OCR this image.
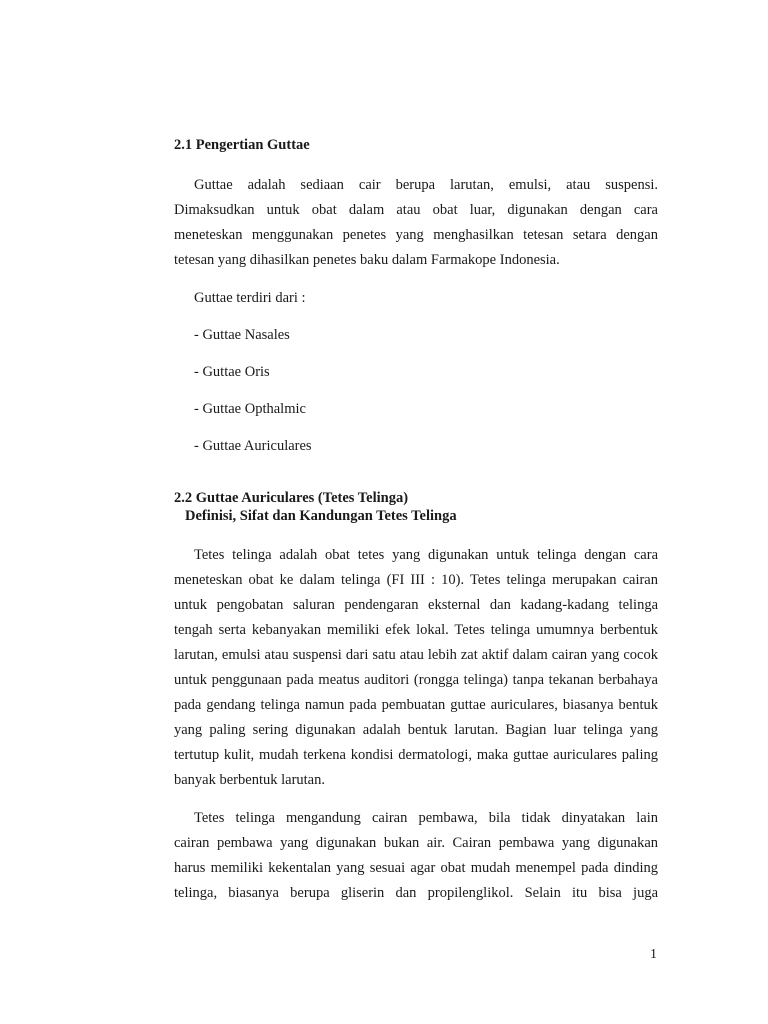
2.1 Pengertian Guttae
Guttae adalah sediaan cair berupa larutan, emulsi, atau suspensi.
Dimaksudkan untuk obat dalam atau obat luar, digunakan dengan cara
meneteskan menggunakan penetes yang menghasilkan tetesan setara dengan
tetesan yang dihasilkan penetes baku dalam Farmakope Indonesia.
Guttae terdiri dari :
- Guttae Nasales
- Guttae Oris
- Guttae Opthalmic
- Guttae Auriculares
2.2 Guttae Auriculares (Tetes Telinga)
Definisi, Sifat dan Kandungan Tetes Telinga
Tetes telinga adalah obat tetes yang digunakan untuk telinga dengan cara
meneteskan obat ke dalam telinga (FI III : 10). Tetes telinga merupakan cairan
untuk pengobatan saluran pendengaran eksternal dan kadang-kadang telinga
tengah serta kebanyakan memiliki efek lokal. Tetes telinga umumnya berbentuk
larutan, emulsi atau suspensi dari satu atau lebih zat aktif dalam cairan yang cocok
untuk penggunaan pada meatus auditori (rongga telinga) tanpa tekanan berbahaya
pada gendang telinga namun pada pembuatan guttae auriculares, biasanya bentuk
yang paling sering digunakan adalah bentuk larutan. Bagian luar telinga yang
tertutup kulit, mudah terkena kondisi dermatologi, maka guttae auriculares paling
banyak berbentuk larutan.
Tetes telinga mengandung cairan pembawa, bila tidak dinyatakan lain
cairan pembawa yang digunakan bukan air. Cairan pembawa yang digunakan
harus memiliki kekentalan yang sesuai agar obat mudah menempel pada dinding
telinga, biasanya berupa gliserin dan propilenglikol. Selain itu bisa juga
1
